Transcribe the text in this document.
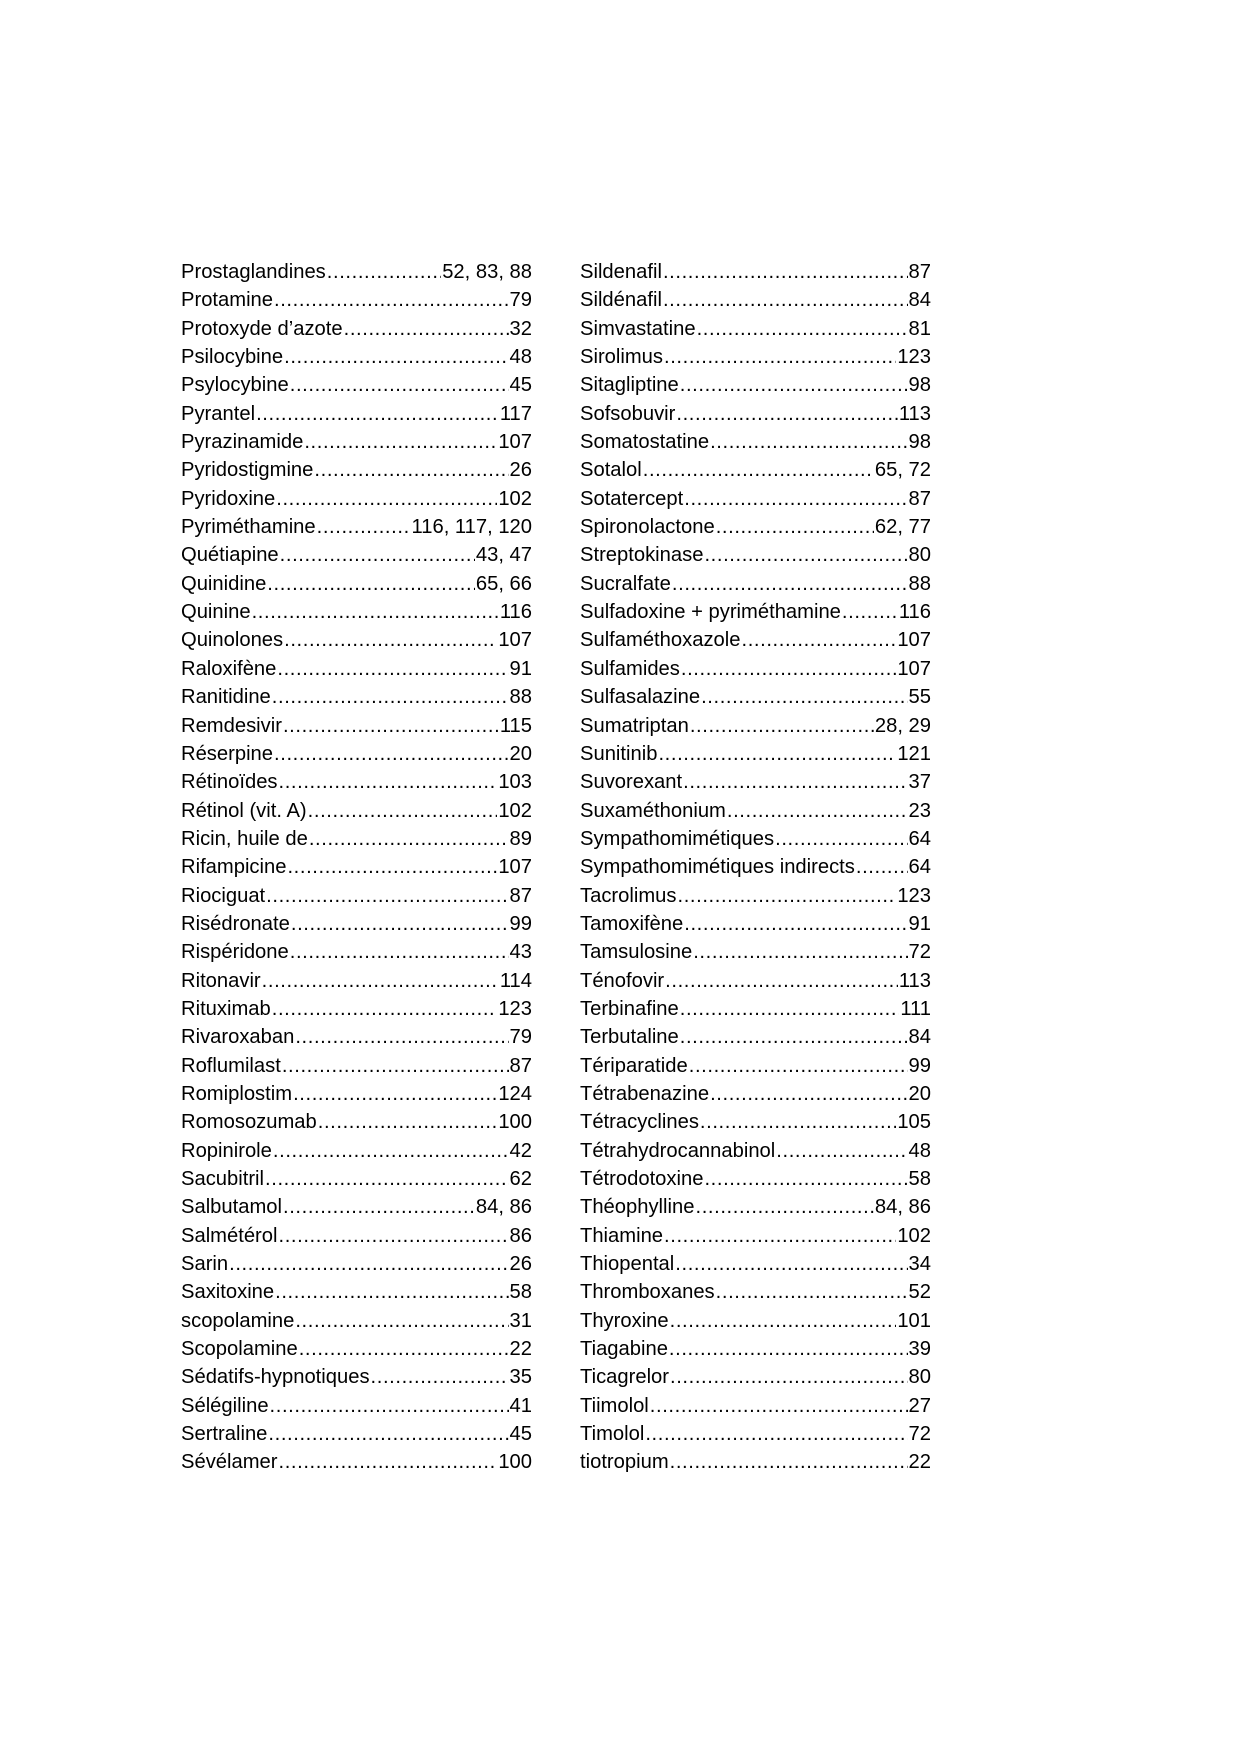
Prostaglandines .....	52, 83, 88
Protamine .....	79
Protoxyde d’azote .....	32
Psilocybine .....	48
Psylocybine .....	45
Pyrantel .....	117
Pyrazinamide .....	107
Pyridostigmine .....	26
Pyridoxine .....	102
Pyriméthamine .....	116, 117, 120
Quétiapine .....	43, 47
Quinidine .....	65, 66
Quinine .....	116
Quinolones .....	107
Raloxifène .....	91
Ranitidine .....	88
Remdesivir .....	115
Réserpine .....	20
Rétinoïdes .....	103
Rétinol (vit. A) .....	102
Ricin, huile de .....	89
Rifampicine .....	107
Riociguat .....	87
Risédronate .....	99
Rispéridone .....	43
Ritonavir .....	114
Rituximab .....	123
Rivaroxaban .....	79
Roflumilast .....	87
Romiplostim .....	124
Romosozumab .....	100
Ropinirole .....	42
Sacubitril .....	62
Salbutamol .....	84, 86
Salmétérol .....	86
Sarin .....	26
Saxitoxine .....	58
scopolamine .....	31
Scopolamine .....	22
Sédatifs-hypnotiques .....	35
Sélégiline .....	41
Sertraline .....	45
Sévélamer .....	100
Sildenafil .....	87
Sildénafil .....	84
Simvastatine .....	81
Sirolimus .....	123
Sitagliptine .....	98
Sofsobuvir .....	113
Somatostatine .....	98
Sotalol .....	65, 72
Sotatercept .....	87
Spironolactone .....	62, 77
Streptokinase .....	80
Sucralfate .....	88
Sulfadoxine + pyriméthamine .....	116
Sulfaméthoxazole .....	107
Sulfamides .....	107
Sulfasalazine .....	55
Sumatriptan .....	28, 29
Sunitinib .....	121
Suvorexant .....	37
Suxaméthonium .....	23
Sympathomimétiques .....	64
Sympathomimétiques indirects .....	64
Tacrolimus .....	123
Tamoxifène .....	91
Tamsulosine .....	72
Ténofovir .....	113
Terbinafine .....	111
Terbutaline .....	84
Tériparatide .....	99
Tétrabenazine .....	20
Tétracyclines .....	105
Tétrahydrocannabinol .....	48
Tétrodotoxine .....	58
Théophylline .....	84, 86
Thiamine .....	102
Thiopental .....	34
Thromboxanes .....	52
Thyroxine .....	101
Tiagabine .....	39
Ticagrelor .....	80
Tiimolol .....	27
Timolol .....	72
tiotropium .....	22
